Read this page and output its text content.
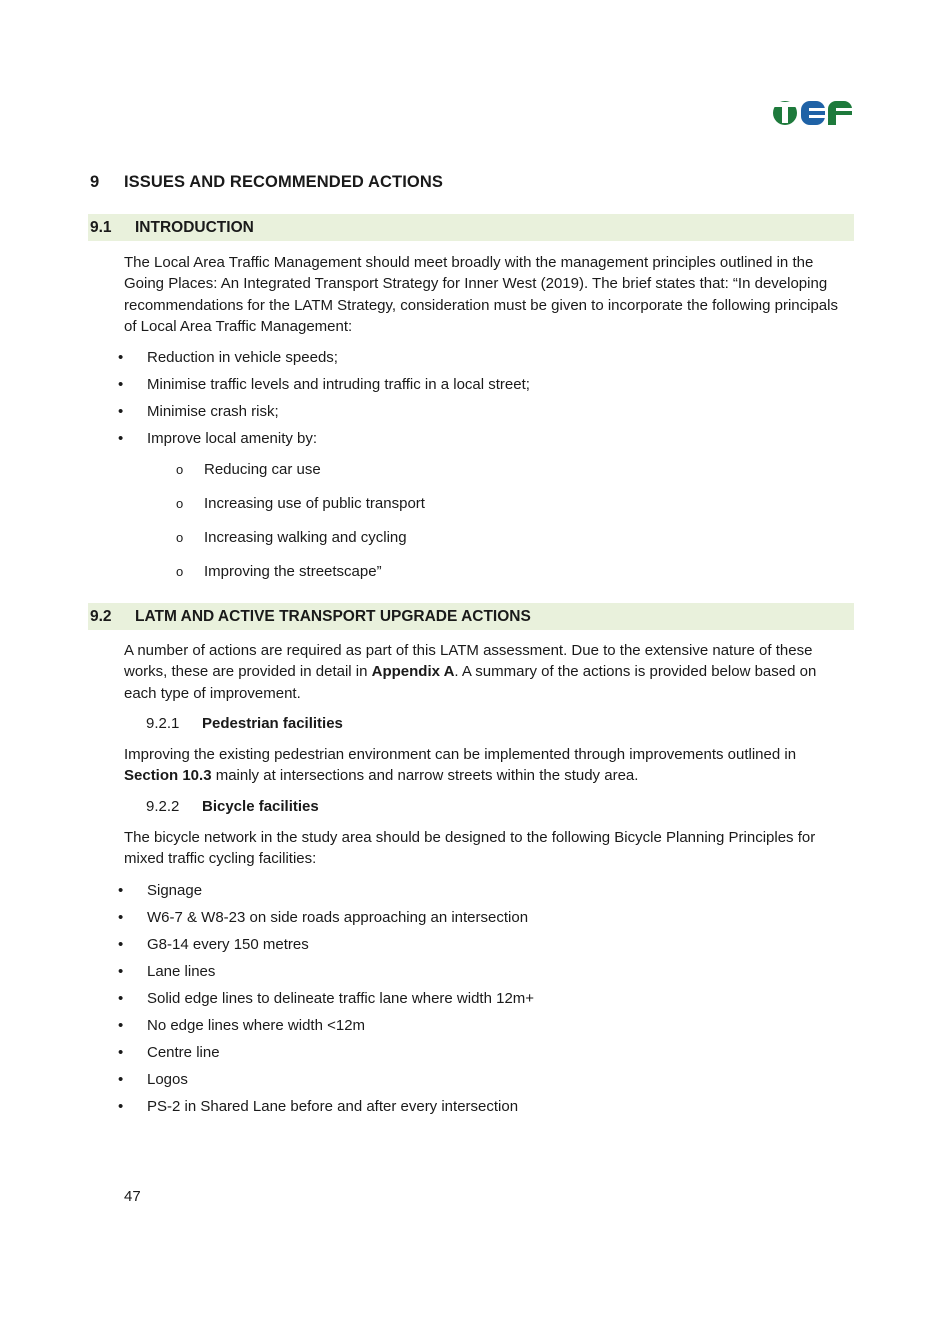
9 ISSUES AND RECOMMENDED ACTIONS
9.1 INTRODUCTION

The Local Area Traffic Management should meet broadly with the management principles outlined in the Going Places: An Integrated Transport Strategy for Inner West (2019). The brief states that: “In developing recommendations for the LATM Strategy, consideration must be given to incorporate the following principals of Local Area Traffic Management:

• Reduction in vehicle speeds;
• Minimise traffic levels and intruding traffic in a local street;
• Minimise crash risk;
• Improve local amenity by:
o Reducing car use
o Increasing use of public transport
o Increasing walking and cycling
o Improving the streetscape”
9.2 LATM AND ACTIVE TRANSPORT UPGRADE ACTIONS

A number of actions are required as part of this LATM assessment. Due to the extensive nature of these works, these are provided in detail in Appendix A. A summary of the actions is provided below based on each type of improvement.

9.2.1 Pedestrian facilities

Improving the existing pedestrian environment can be implemented through improvements outlined in Section 10.3 mainly at intersections and narrow streets within the study area.

9.2.2 Bicycle facilities

The bicycle network in the study area should be designed to the following Bicycle Planning Principles for mixed traffic cycling facilities:

• Signage
• W6-7 & W8-23 on side roads approaching an intersection
• G8-14 every 150 metres
• Lane lines
• Solid edge lines to delineate traffic lane where width 12m+
• No edge lines where width <12m
• Centre line
• Logos
• PS-2 in Shared Lane before and after every intersection
47
